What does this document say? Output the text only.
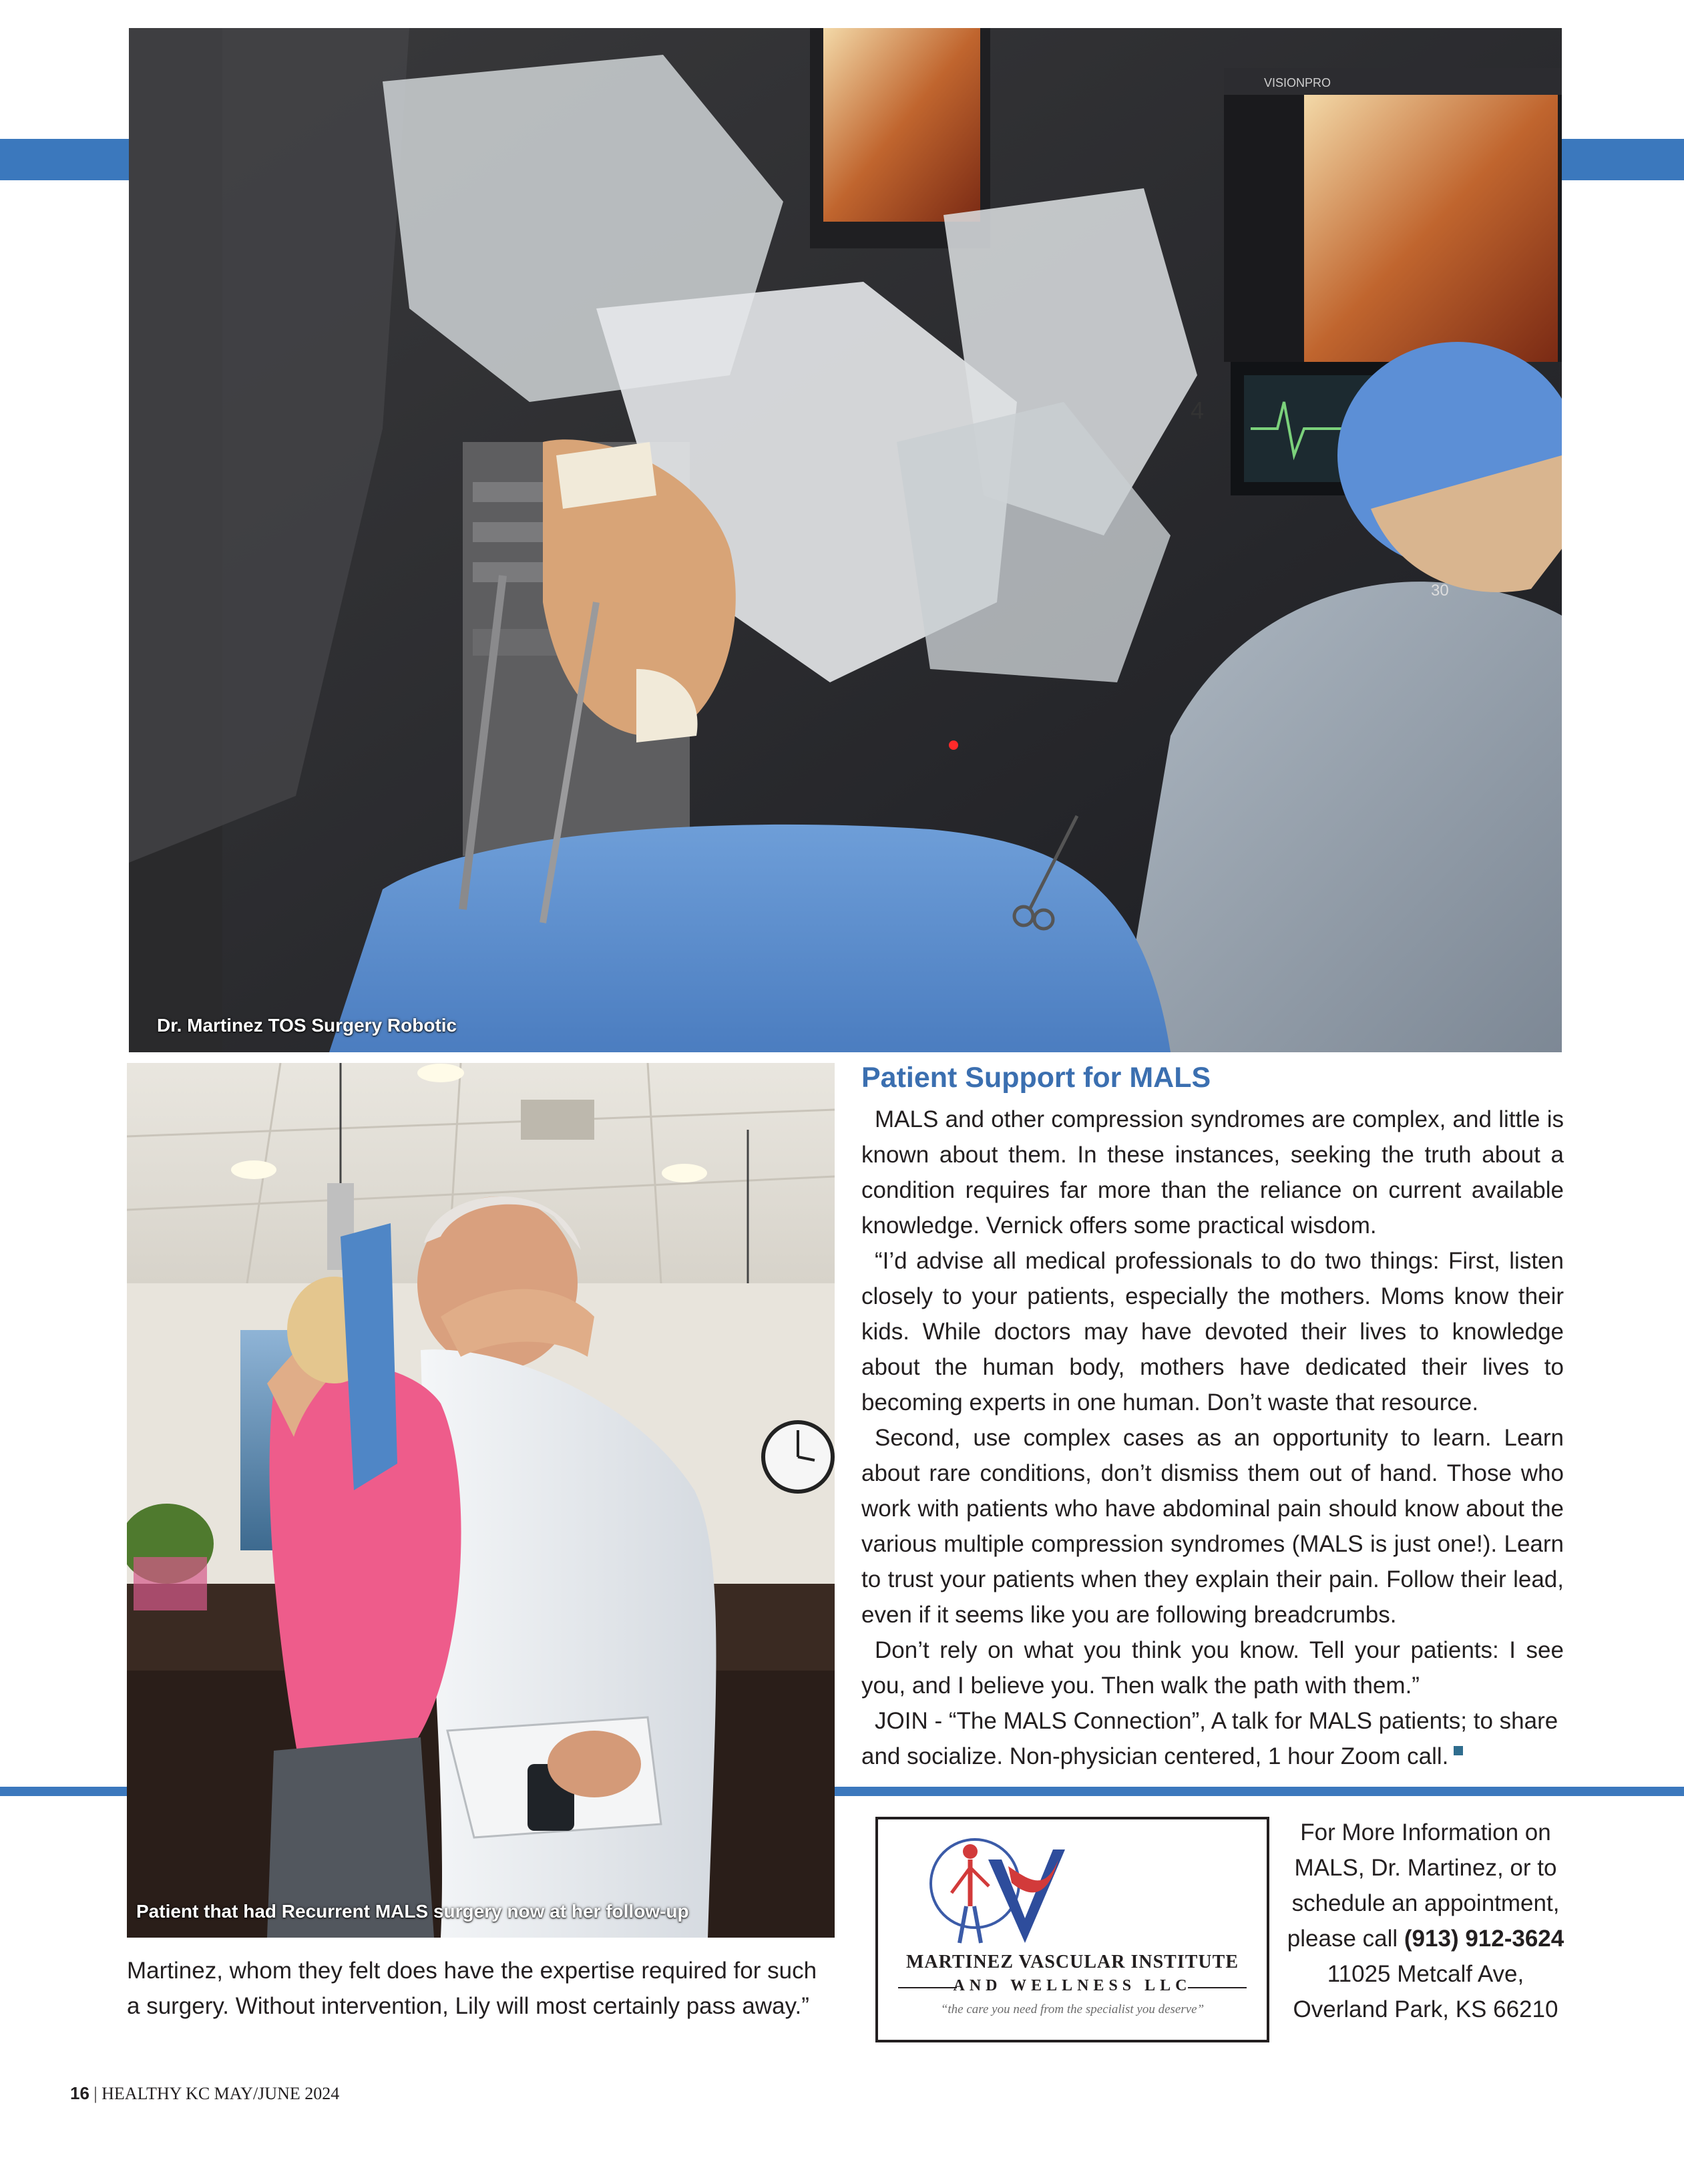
VISIONPRO
4
30
Dr. Martinez TOS Surgery Robotic
Patient that had Recurrent MALS surgery now at her follow-up
Patient Support for MALS

MALS and other compression syndromes are complex, and little is known about them. In these instances, seeking the truth about a condition requires far more than the reliance on current available knowledge. Vernick offers some practical wisdom.

“I’d advise all medical professionals to do two things: First, listen closely to your patients, especially the mothers. Moms know their kids. While doctors may have devoted their lives to knowledge about the human body, mothers have dedicated their lives to becoming experts in one human. Don’t waste that resource.

Second, use complex cases as an opportunity to learn. Learn about rare conditions, don’t dismiss them out of hand. Those who work with patients who have abdominal pain should know about the various multiple compression syndromes (MALS is just one!). Learn to trust your patients when they explain their pain. Follow their lead, even if it seems like you are following breadcrumbs.

Don’t rely on what you think you know. Tell your patients: I see you, and I believe you. Then walk the path with them.”

JOIN - “The MALS Connection”, A talk for MALS patients; to share and socialize. Non-physician centered, 1 hour Zoom call.

MARTINEZ VASCULAR INSTITUTE
AND WELLNESS LLC
“the care you need from the specialist you deserve”
For More Information on
MALS, Dr. Martinez, or to
schedule an appointment,
please call (913) 912-3624
11025 Metcalf Ave,
Overland Park, KS 66210
Martinez, whom they felt does have the expertise required for such a surgery. Without intervention, Lily will most certainly pass away.”
16 | HEALTHY KC MAY/JUNE 2024
